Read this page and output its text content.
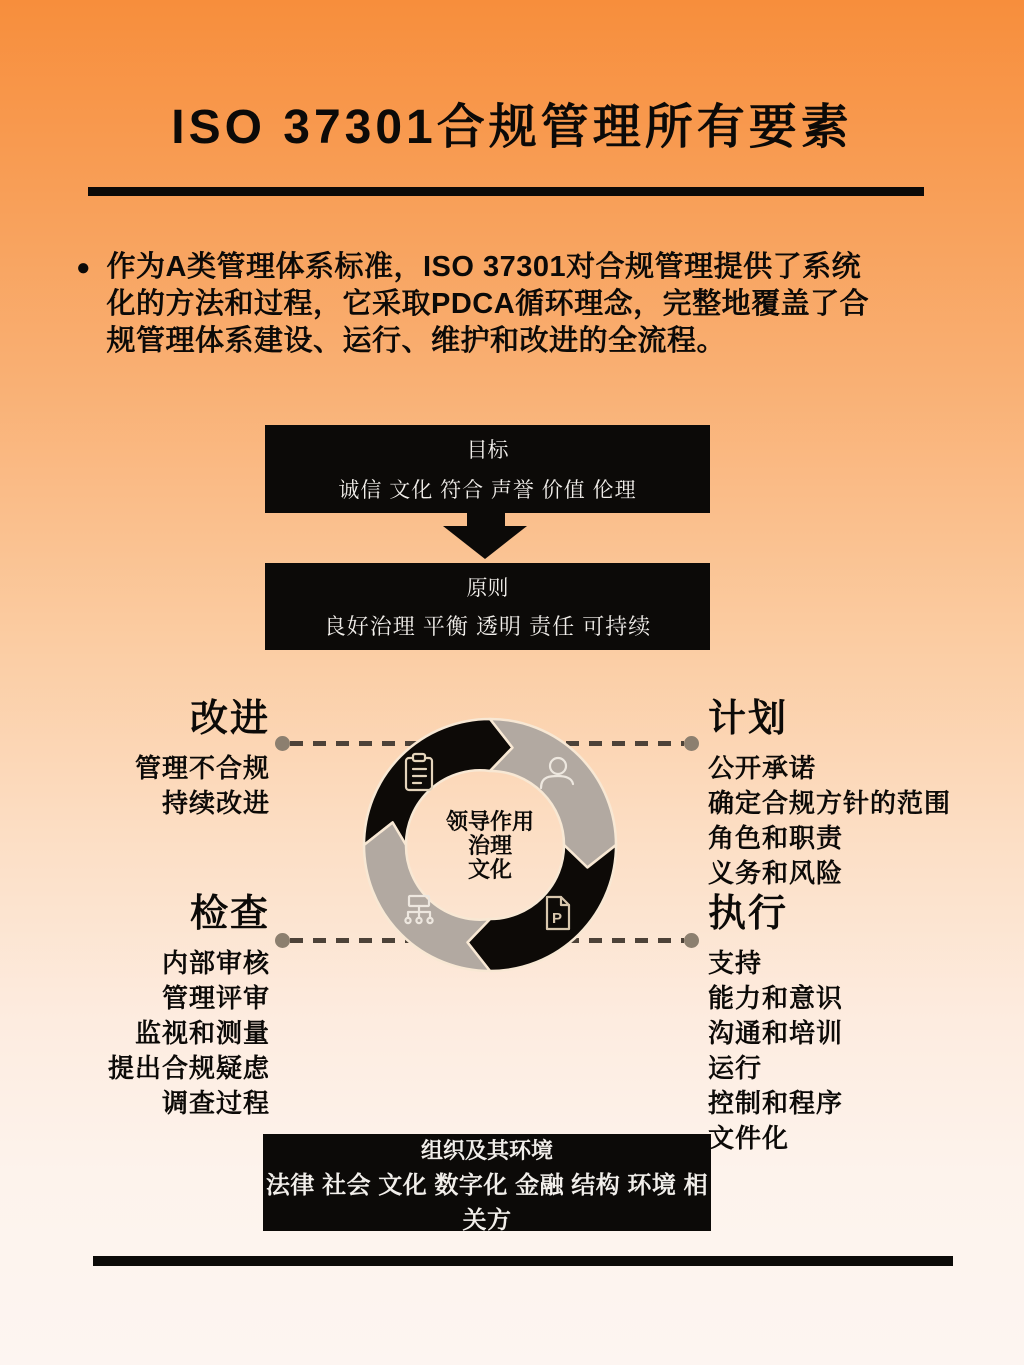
ISO 37301合规管理所有要素
● 作为A类管理体系标准，ISO 37301对合规管理提供了系统
化的方法和过程，它采取PDCA循环理念，完整地覆盖了合
规管理体系建设、运行、维护和改进的全流程。
目标
诚信 文化 符合 声誉 价值 伦理
原则
良好治理 平衡 透明 责任 可持续
P
领导作用
治理
文化
改进
管理不合规
持续改进
计划
公开承诺
确定合规方针的范围
角色和职责
义务和风险
检查
内部审核
管理评审
监视和测量
提出合规疑虑
调查过程
执行
支持
能力和意识
沟通和培训
运行
控制和程序
文件化
组织及其环境
法律 社会 文化 数字化 金融 结构 环境 相关方
